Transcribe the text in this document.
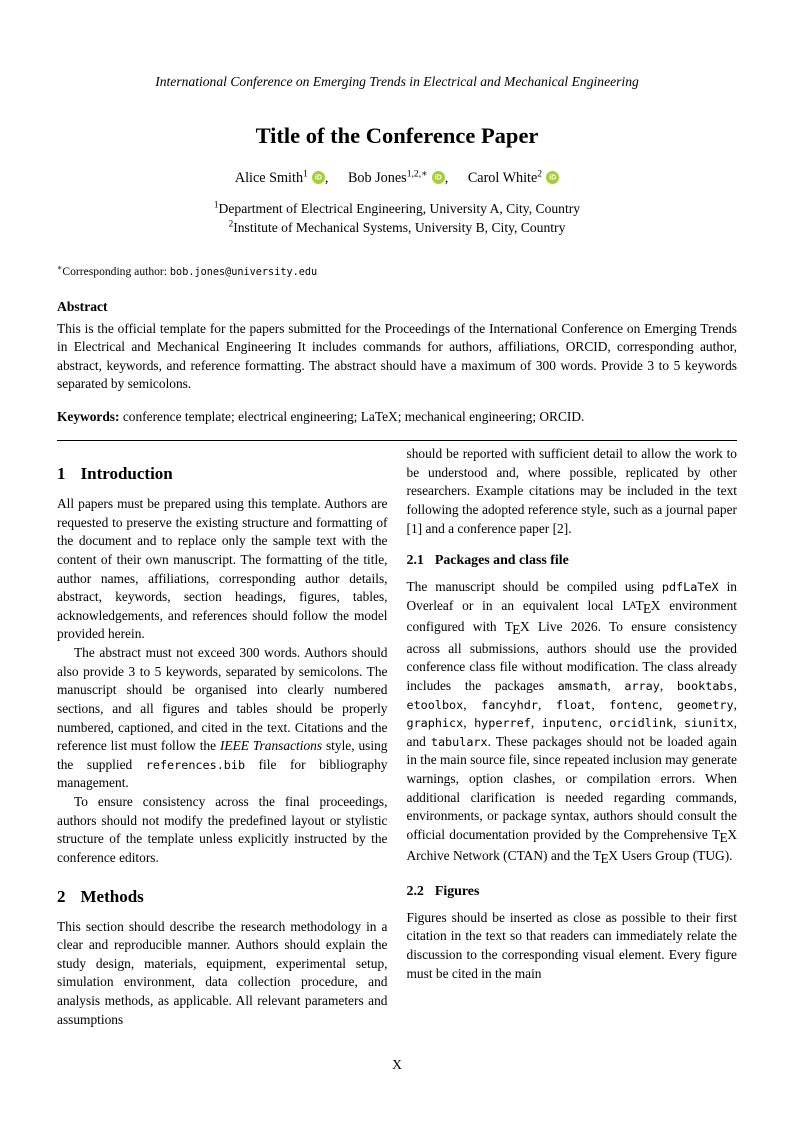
International Conference on Emerging Trends in Electrical and Mechanical Engineering
Title of the Conference Paper
Alice Smith$^1$ iD , Bob Jones$^{1,2,∗}$ iD , Carol White$^2$iD
$^1$Department of Electrical Engineering, University A, City, Country
$^2$Institute of Mechanical Systems, University B, City, Country
∗Corresponding author: bob.jones@university.edu
Abstract

This is the official template for the papers submitted for the Proceedings of the International Conference on Emerging Trends in Electrical and Mechanical Engineering It includes commands for authors, affiliations, ORCID, corresponding author, abstract, keywords, and reference formatting. The abstract should have a maximum of 300 words. Provide 3 to 5 keywords separated by semicolons.

Keywords: conference template; electrical engineering; LaTeX; mechanical engineering; ORCID.

1 Introduction

All papers must be prepared using this template. Authors are requested to preserve the existing structure and formatting of the document and to replace only the sample text with the content of their own manuscript. The formatting of the title, author names, affiliations, corresponding author details, abstract, keywords, section headings, figures, tables, acknowledgements, and references should follow the model provided herein.

The abstract must not exceed 300 words. Authors should also provide 3 to 5 keywords, separated by semicolons. The manuscript should be organised into clearly numbered sections, and all figures and tables should be properly numbered, captioned, and cited in the text. Citations and the reference list must follow the IEEE Transactions style, using the supplied references.bib file for bibliography management.

To ensure consistency across the final proceedings, authors should not modify the predefined layout or stylistic structure of the template unless explicitly instructed by the conference editors.

2 Methods

This section should describe the research methodology in a clear and reproducible manner. Authors should explain the study design, materials, equipment, experimental setup, simulation environment, data collection procedure, and analysis methods, as applicable. All relevant parameters and assumptions

should be reported with sufficient detail to allow the work to be understood and, where possible, replicated by other researchers. Example citations may be included in the text following the adopted reference style, such as a journal paper [1] and a conference paper [2].

2.1 Packages and class file

The manuscript should be compiled using pdfLaTeX in Overleaf or in an equivalent local LATEX environment configured with TEX Live 2026. To ensure consistency across all submissions, authors should use the provided conference class file without modification. The class already includes the packages amsmath, array, booktabs, etoolbox, fancyhdr, float, fontenc, geometry, graphicx, hyperref, inputenc, orcidlink, siunitx, and tabularx. These packages should not be loaded again in the main source file, since repeated inclusion may generate warnings, option clashes, or compilation errors. When additional clarification is needed regarding commands, environments, or package syntax, authors should consult the official documentation provided by the Comprehensive TEX Archive Network (CTAN) and the TEX Users Group (TUG).

2.2 Figures

Figures should be inserted as close as possible to their first citation in the text so that readers can immediately relate the discussion to the corresponding visual element. Every figure must be cited in the main

X
